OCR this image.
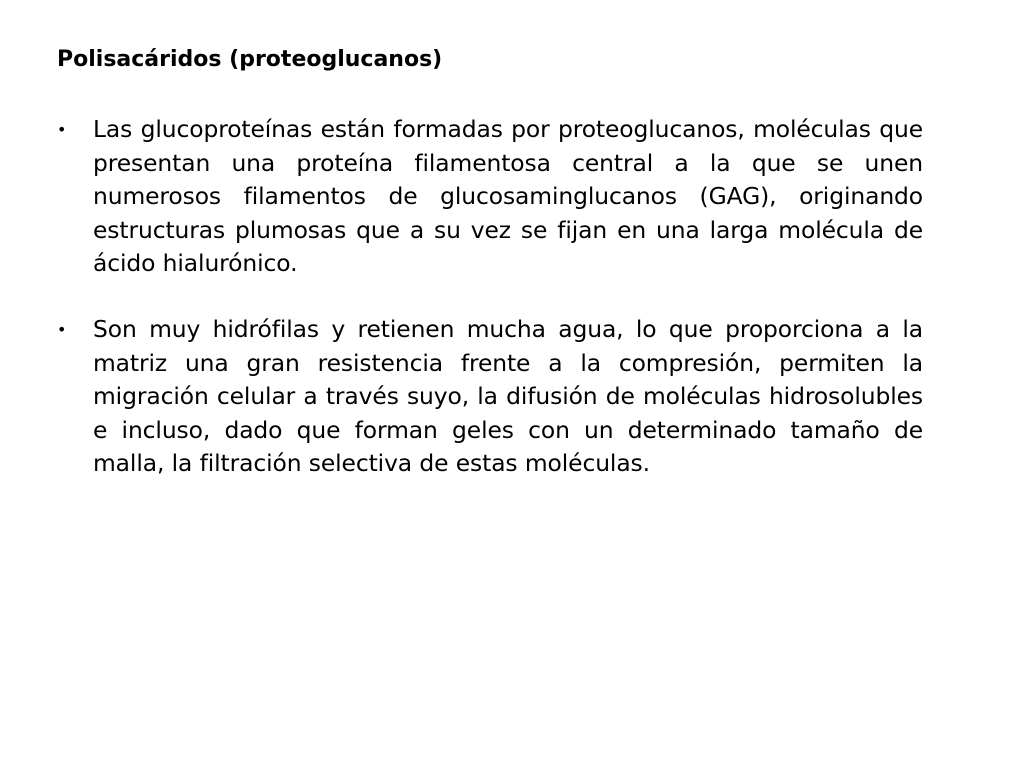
Polisacáridos (proteoglucanos)
• Las glucoproteínas están formadas por proteoglucanos, moléculas que presentan una proteína filamentosa central a la que se unen numerosos filamentos de glucosaminglucanos (GAG), originando estructuras plumosas que a su vez se fijan en una larga molécula de ácido hialurónico.
• Son muy hidrófilas y retienen mucha agua, lo que proporciona a la matriz una gran resistencia frente a la compresión, permiten la migración celular a través suyo, la difusión de moléculas hidrosolubles e incluso, dado que forman geles con un determinado tamaño de malla, la filtración selectiva de estas moléculas.
